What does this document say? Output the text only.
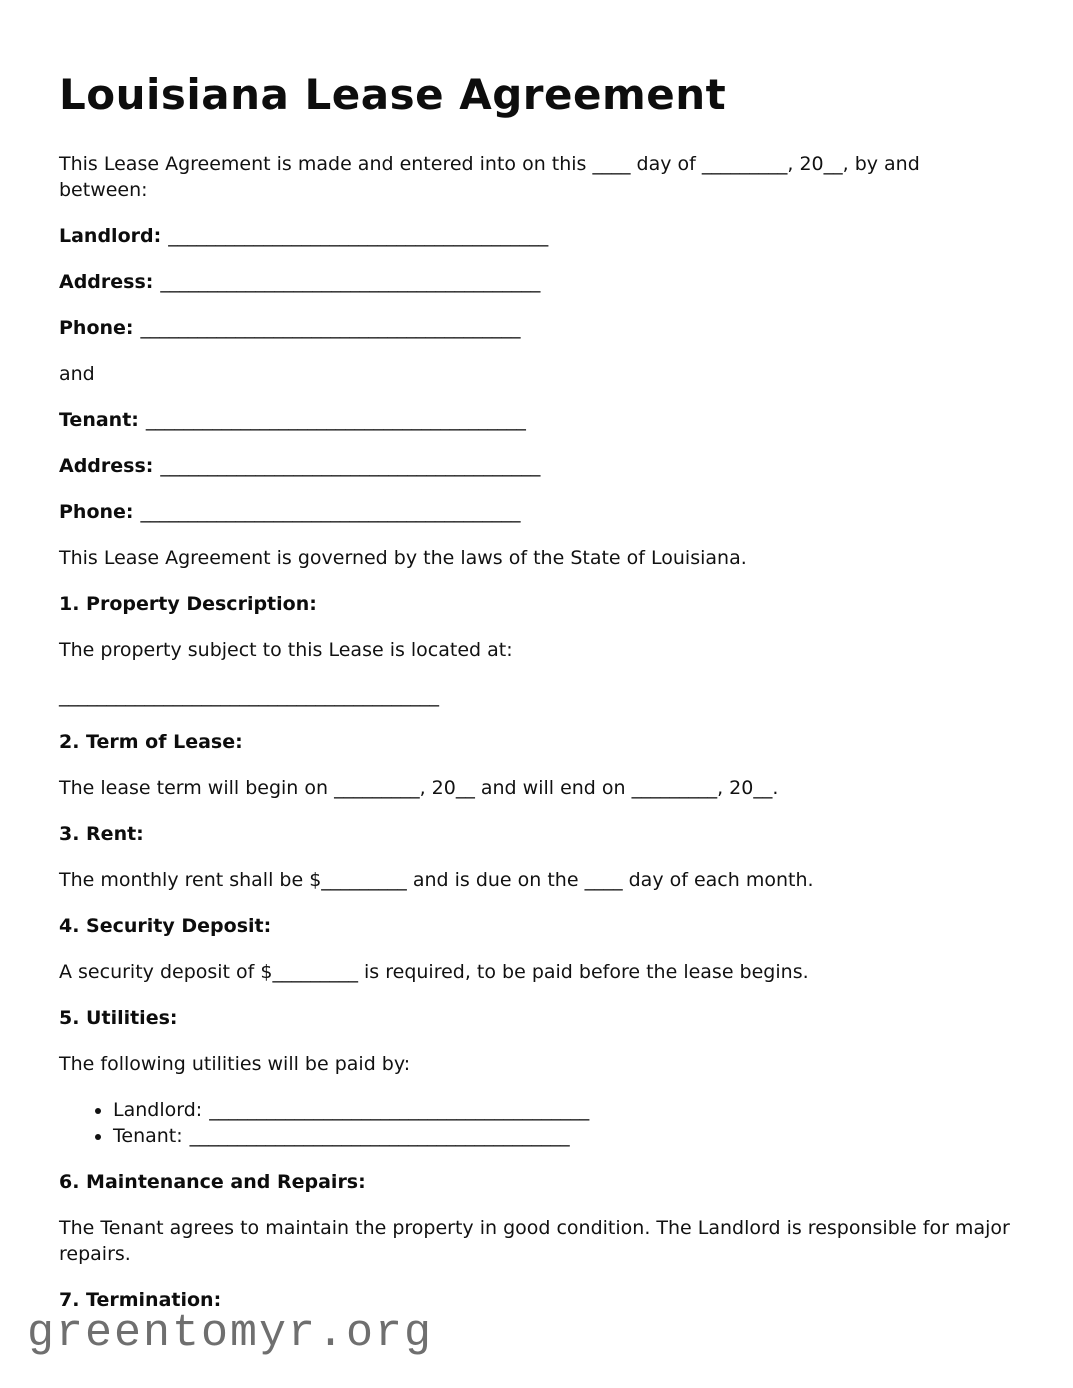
Louisiana Lease Agreement

This Lease Agreement is made and entered into on this ____ day of _________, 20__, by and between:

Landlord: ________________________________________

Address: ________________________________________

Phone: ________________________________________

and

Tenant: ________________________________________

Address: ________________________________________

Phone: ________________________________________

This Lease Agreement is governed by the laws of the State of Louisiana.

1. Property Description:

The property subject to this Lease is located at:

________________________________________

2. Term of Lease:

The lease term will begin on _________, 20__ and will end on _________, 20__.

3. Rent:

The monthly rent shall be $_________ and is due on the ____ day of each month.

4. Security Deposit:

A security deposit of $_________ is required, to be paid before the lease begins.

5. Utilities:

The following utilities will be paid by:

• Landlord: ________________________________________
• Tenant: ________________________________________

6. Maintenance and Repairs:

The Tenant agrees to maintain the property in good condition. The Landlord is responsible for major repairs.

7. Termination:

greentomyr.org
